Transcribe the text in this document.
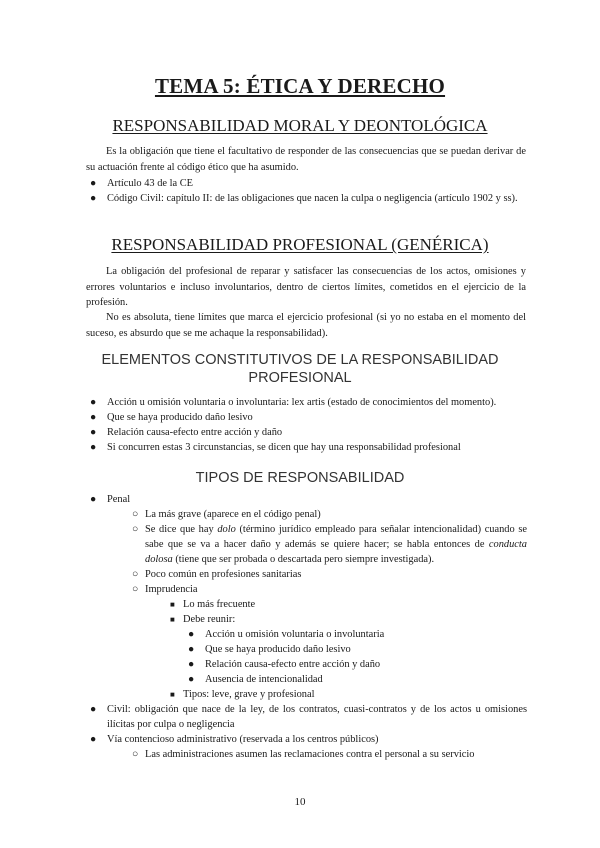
TEMA 5: ÉTICA Y DERECHO
RESPONSABILIDAD MORAL Y DEONTOLÓGICA
Es la obligación que tiene el facultativo de responder de las consecuencias que se puedan derivar de su actuación frente al código ético que ha asumido.
● Artículo 43 de la CE
● Código Civil: capítulo II: de las obligaciones que nacen la culpa o negligencia (artículo 1902 y ss).
RESPONSABILIDAD PROFESIONAL (GENÉRICA)
La obligación del profesional de reparar y satisfacer las consecuencias de los actos, omisiones y errores voluntarios e incluso involuntarios, dentro de ciertos límites, cometidos en el ejercicio de la profesión.
No es absoluta, tiene límites que marca el ejercicio profesional (si yo no estaba en el momento del suceso, es absurdo que se me achaque la responsabilidad).
ELEMENTOS CONSTITUTIVOS DE LA RESPONSABILIDAD PROFESIONAL
● Acción u omisión voluntaria o involuntaria: lex artis (estado de conocimientos del momento).
● Que se haya producido daño lesivo
● Relación causa-efecto entre acción y daño
● Si concurren estas 3 circunstancias, se dicen que hay una responsabilidad profesional
TIPOS DE RESPONSABILIDAD
● Penal
○ La más grave (aparece en el código penal)
○ Se dice que hay dolo (término jurídico empleado para señalar intencionalidad) cuando se sabe que se va a hacer daño y además se quiere hacer; se habla entonces de conducta dolosa (tiene que ser probada o descartada pero siempre investigada).
○ Poco común en profesiones sanitarias
○ Imprudencia
■ Lo más frecuente
■ Debe reunir:
● Acción u omisión voluntaria o involuntaria
● Que se haya producido daño lesivo
● Relación causa-efecto entre acción y daño
● Ausencia de intencionalidad
■ Tipos: leve, grave y profesional
● Civil: obligación que nace de la ley, de los contratos, cuasi-contratos y de los actos u omisiones ilícitas por culpa o negligencia
● Vía contencioso administrativo (reservada a los centros públicos)
○ Las administraciones asumen las reclamaciones contra el personal a su servicio
10
